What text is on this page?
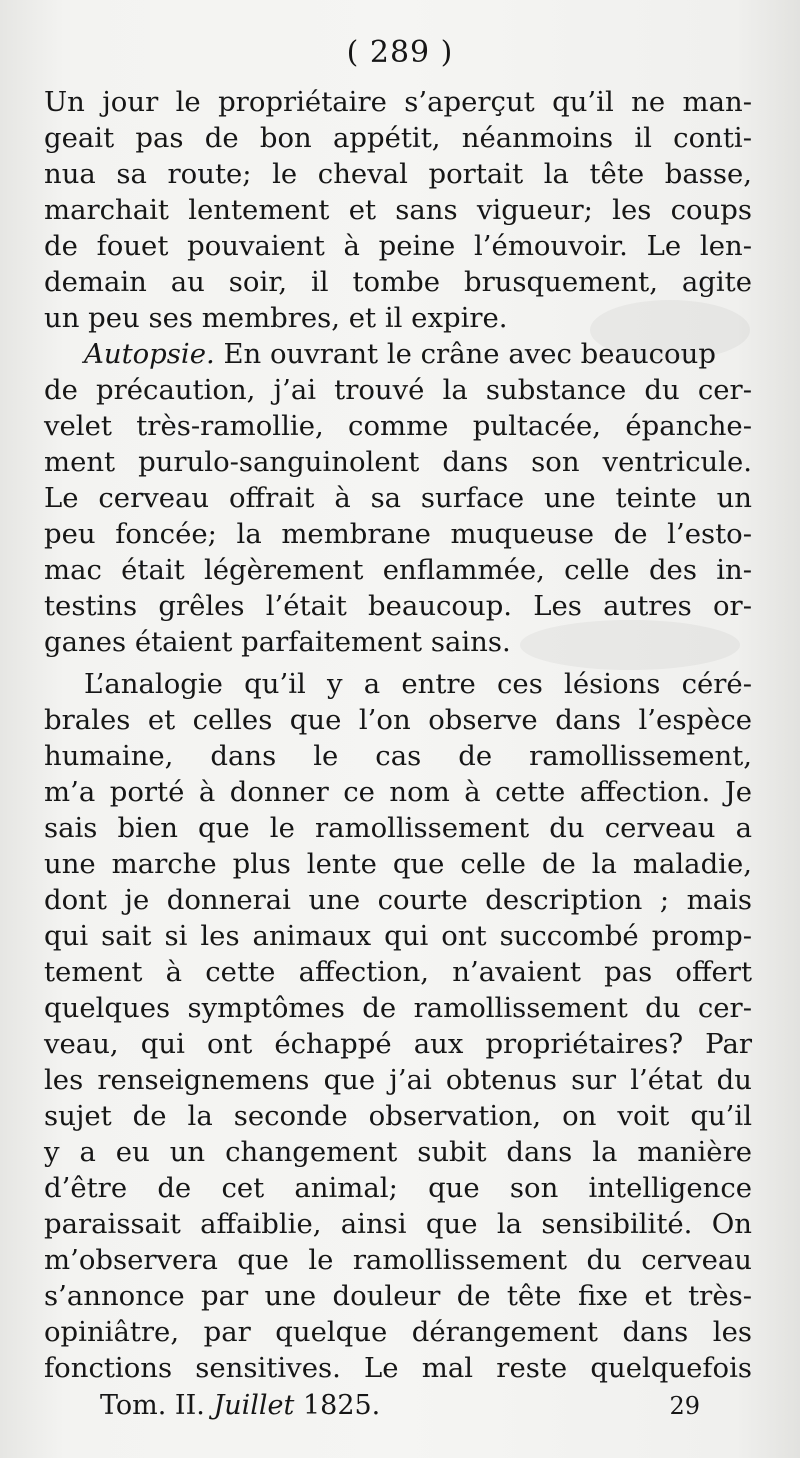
( 289 )
Un jour le propriétaire s’aperçut qu’il ne man-
geait pas de bon appétit, néanmoins il conti-
nua sa route; le cheval portait la tête basse,
marchait lentement et sans vigueur; les coups
de fouet pouvaient à peine l’émouvoir. Le len-
demain au soir, il tombe brusquement, agite
un peu ses membres, et il expire.
Autopsie. En ouvrant le crâne avec beaucoup
de précaution, j’ai trouvé la substance du cer-
velet très-ramollie, comme pultacée, épanche-
ment purulo-sanguinolent dans son ventricule.
Le cerveau offrait à sa surface une teinte un
peu foncée; la membrane muqueuse de l’esto-
mac était légèrement enflammée, celle des in-
testins grêles l’était beaucoup. Les autres or-
ganes étaient parfaitement sains.
L’analogie qu’il y a entre ces lésions céré-
brales et celles que l’on observe dans l’espèce
humaine, dans le cas de ramollissement,
m’a porté à donner ce nom à cette affection. Je
sais bien que le ramollissement du cerveau a
une marche plus lente que celle de la maladie,
dont je donnerai une courte description ; mais
qui sait si les animaux qui ont succombé promp-
tement à cette affection, n’avaient pas offert
quelques symptômes de ramollissement du cer-
veau, qui ont échappé aux propriétaires? Par
les renseignemens que j’ai obtenus sur l’état du
sujet de la seconde observation, on voit qu’il
y a eu un changement subit dans la manière
d’être de cet animal; que son intelligence
paraissait affaiblie, ainsi que la sensibilité. On
m’observera que le ramollissement du cerveau
s’annonce par une douleur de tête fixe et très-
opiniâtre, par quelque dérangement dans les
fonctions sensitives. Le mal reste quelquefois
Tom. II. Juillet 1825.	29
